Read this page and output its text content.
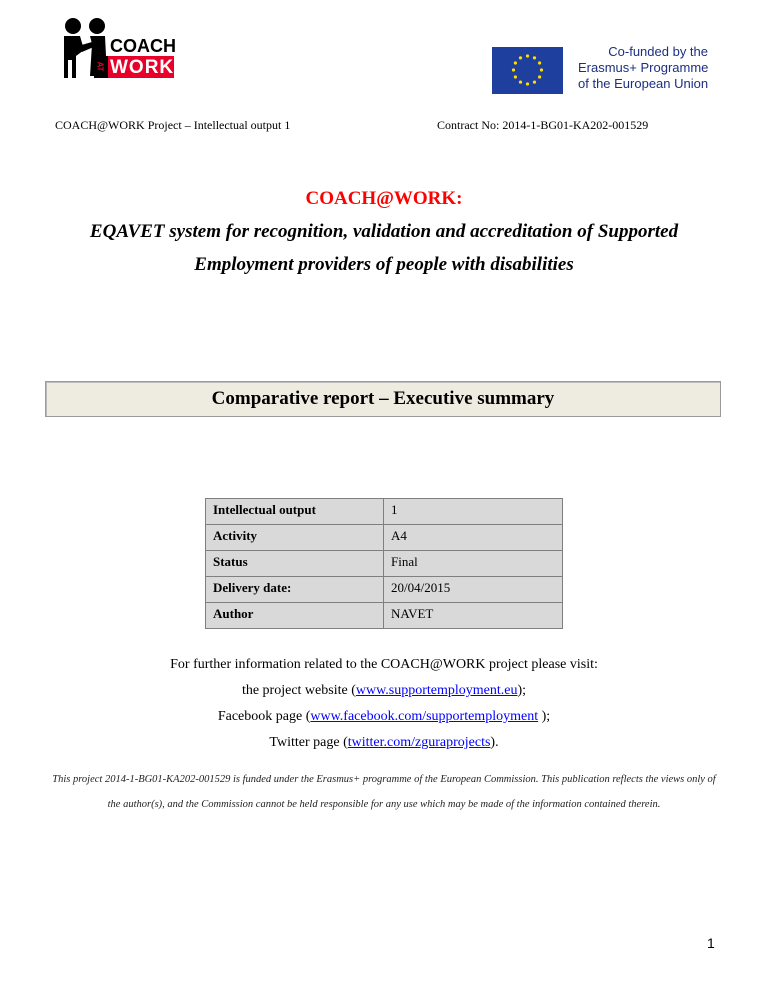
COACH
WORK
AT
Co-funded by the
Erasmus+ Programme
of the European Union
COACH@WORK Project – Intellectual output 1	Contract No: 2014-1-BG01-KA202-001529
COACH@WORK:
EQAVET system for recognition, validation and accreditation of Supported
Employment providers of people with disabilities
Comparative report – Executive summary
Intellectual output	1
Activity	A4
Status	Final
Delivery date:	20/04/2015
Author	NAVET
For further information related to the COACH@WORK project please visit:
the project website (www.supportemployment.eu);
Facebook page (www.facebook.com/supportemployment );
Twitter page (twitter.com/zguraprojects).
This project 2014-1-BG01-KA202-001529 is funded under the Erasmus+ programme of the European Commission. This publication reflects the views only of the author(s), and the Commission cannot be held responsible for any use which may be made of the information contained therein.
1
